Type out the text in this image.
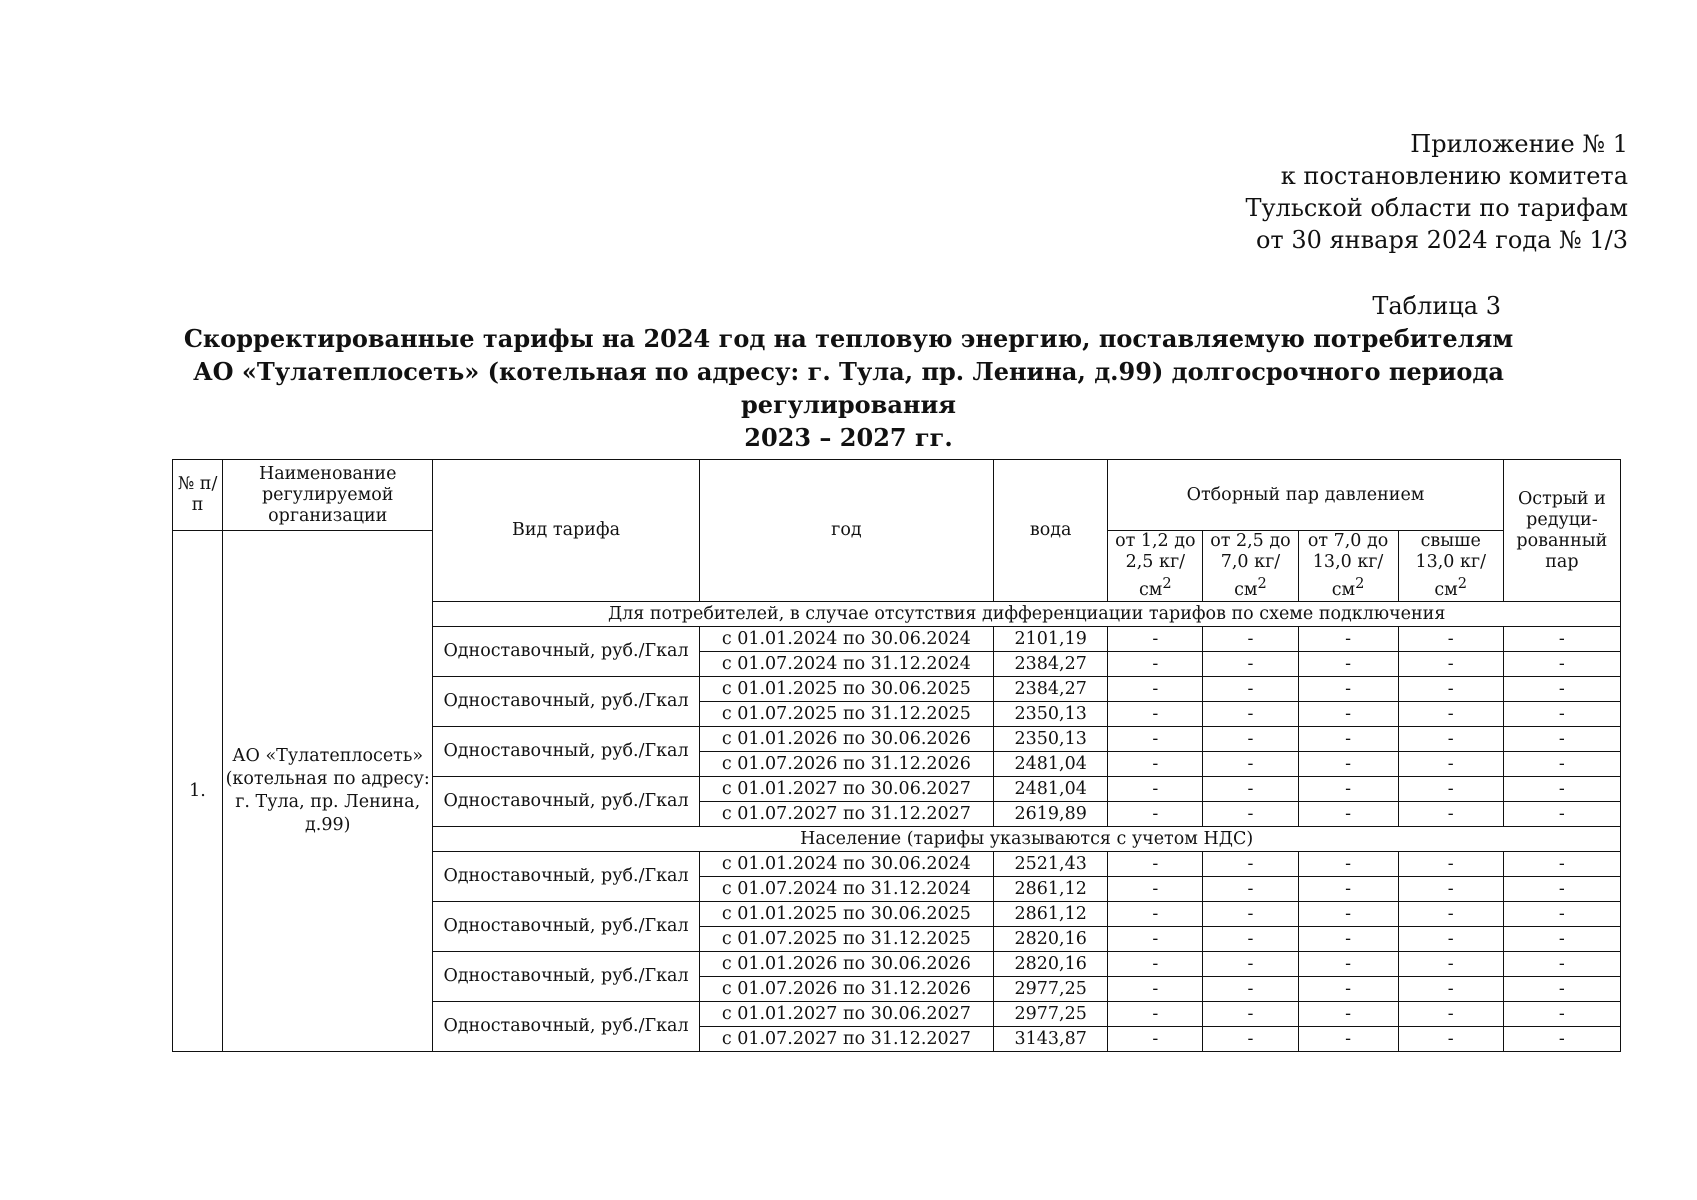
Приложение № 1
к постановлению комитета
Тульской области по тарифам
от 30 января 2024 года № 1/3
Таблица 3
Скорректированные тарифы на 2024 год на тепловую энергию, поставляемую потребителям
АО «Тулатеплосеть» (котельная по адресу: г. Тула, пр. Ленина, д.99) долгосрочного периода регулирования
2023 – 2027 гг.
№ п/п	Наименование регулируемой организации	Вид тарифа	год	вода	Отборный пар давлением				Острый и редуци-рованный пар
1.	АО «Тулатеплосеть» (котельная по адресу: г. Тула, пр. Ленина, д.99)				от 1,2 до 2,5 $кг/см^2$	от 2,5 до 7,0 $кг/см^2$	от 7,0 до 13,0 $кг/см^2$	свыше 13,0 $кг/см^2$
		Для потребителей, в случае отсутствия дифференциации тарифов по схеме подключения							
		Одноставочный, руб./Гкал	с 01.01.2024 по 30.06.2024	2101,19	-	-	-	-	-
			с 01.07.2024 по 31.12.2024	2384,27	-	-	-	-	-
		Одноставочный, руб./Гкал	с 01.01.2025 по 30.06.2025	2384,27	-	-	-	-	-
			с 01.07.2025 по 31.12.2025	2350,13	-	-	-	-	-
		Одноставочный, руб./Гкал	с 01.01.2026 по 30.06.2026	2350,13	-	-	-	-	-
			с 01.07.2026 по 31.12.2026	2481,04	-	-	-	-	-
		Одноставочный, руб./Гкал	с 01.01.2027 по 30.06.2027	2481,04	-	-	-	-	-
			с 01.07.2027 по 31.12.2027	2619,89	-	-	-	-	-
		Население (тарифы указываются с учетом НДС)							
		Одноставочный, руб./Гкал	с 01.01.2024 по 30.06.2024	2521,43	-	-	-	-	-
			с 01.07.2024 по 31.12.2024	2861,12	-	-	-	-	-
		Одноставочный, руб./Гкал	с 01.01.2025 по 30.06.2025	2861,12	-	-	-	-	-
			с 01.07.2025 по 31.12.2025	2820,16	-	-	-	-	-
		Одноставочный, руб./Гкал	с 01.01.2026 по 30.06.2026	2820,16	-	-	-	-	-
			с 01.07.2026 по 31.12.2026	2977,25	-	-	-	-	-
		Одноставочный, руб./Гкал	с 01.01.2027 по 30.06.2027	2977,25	-	-	-	-	-
			с 01.07.2027 по 31.12.2027	3143,87	-	-	-	-	-
